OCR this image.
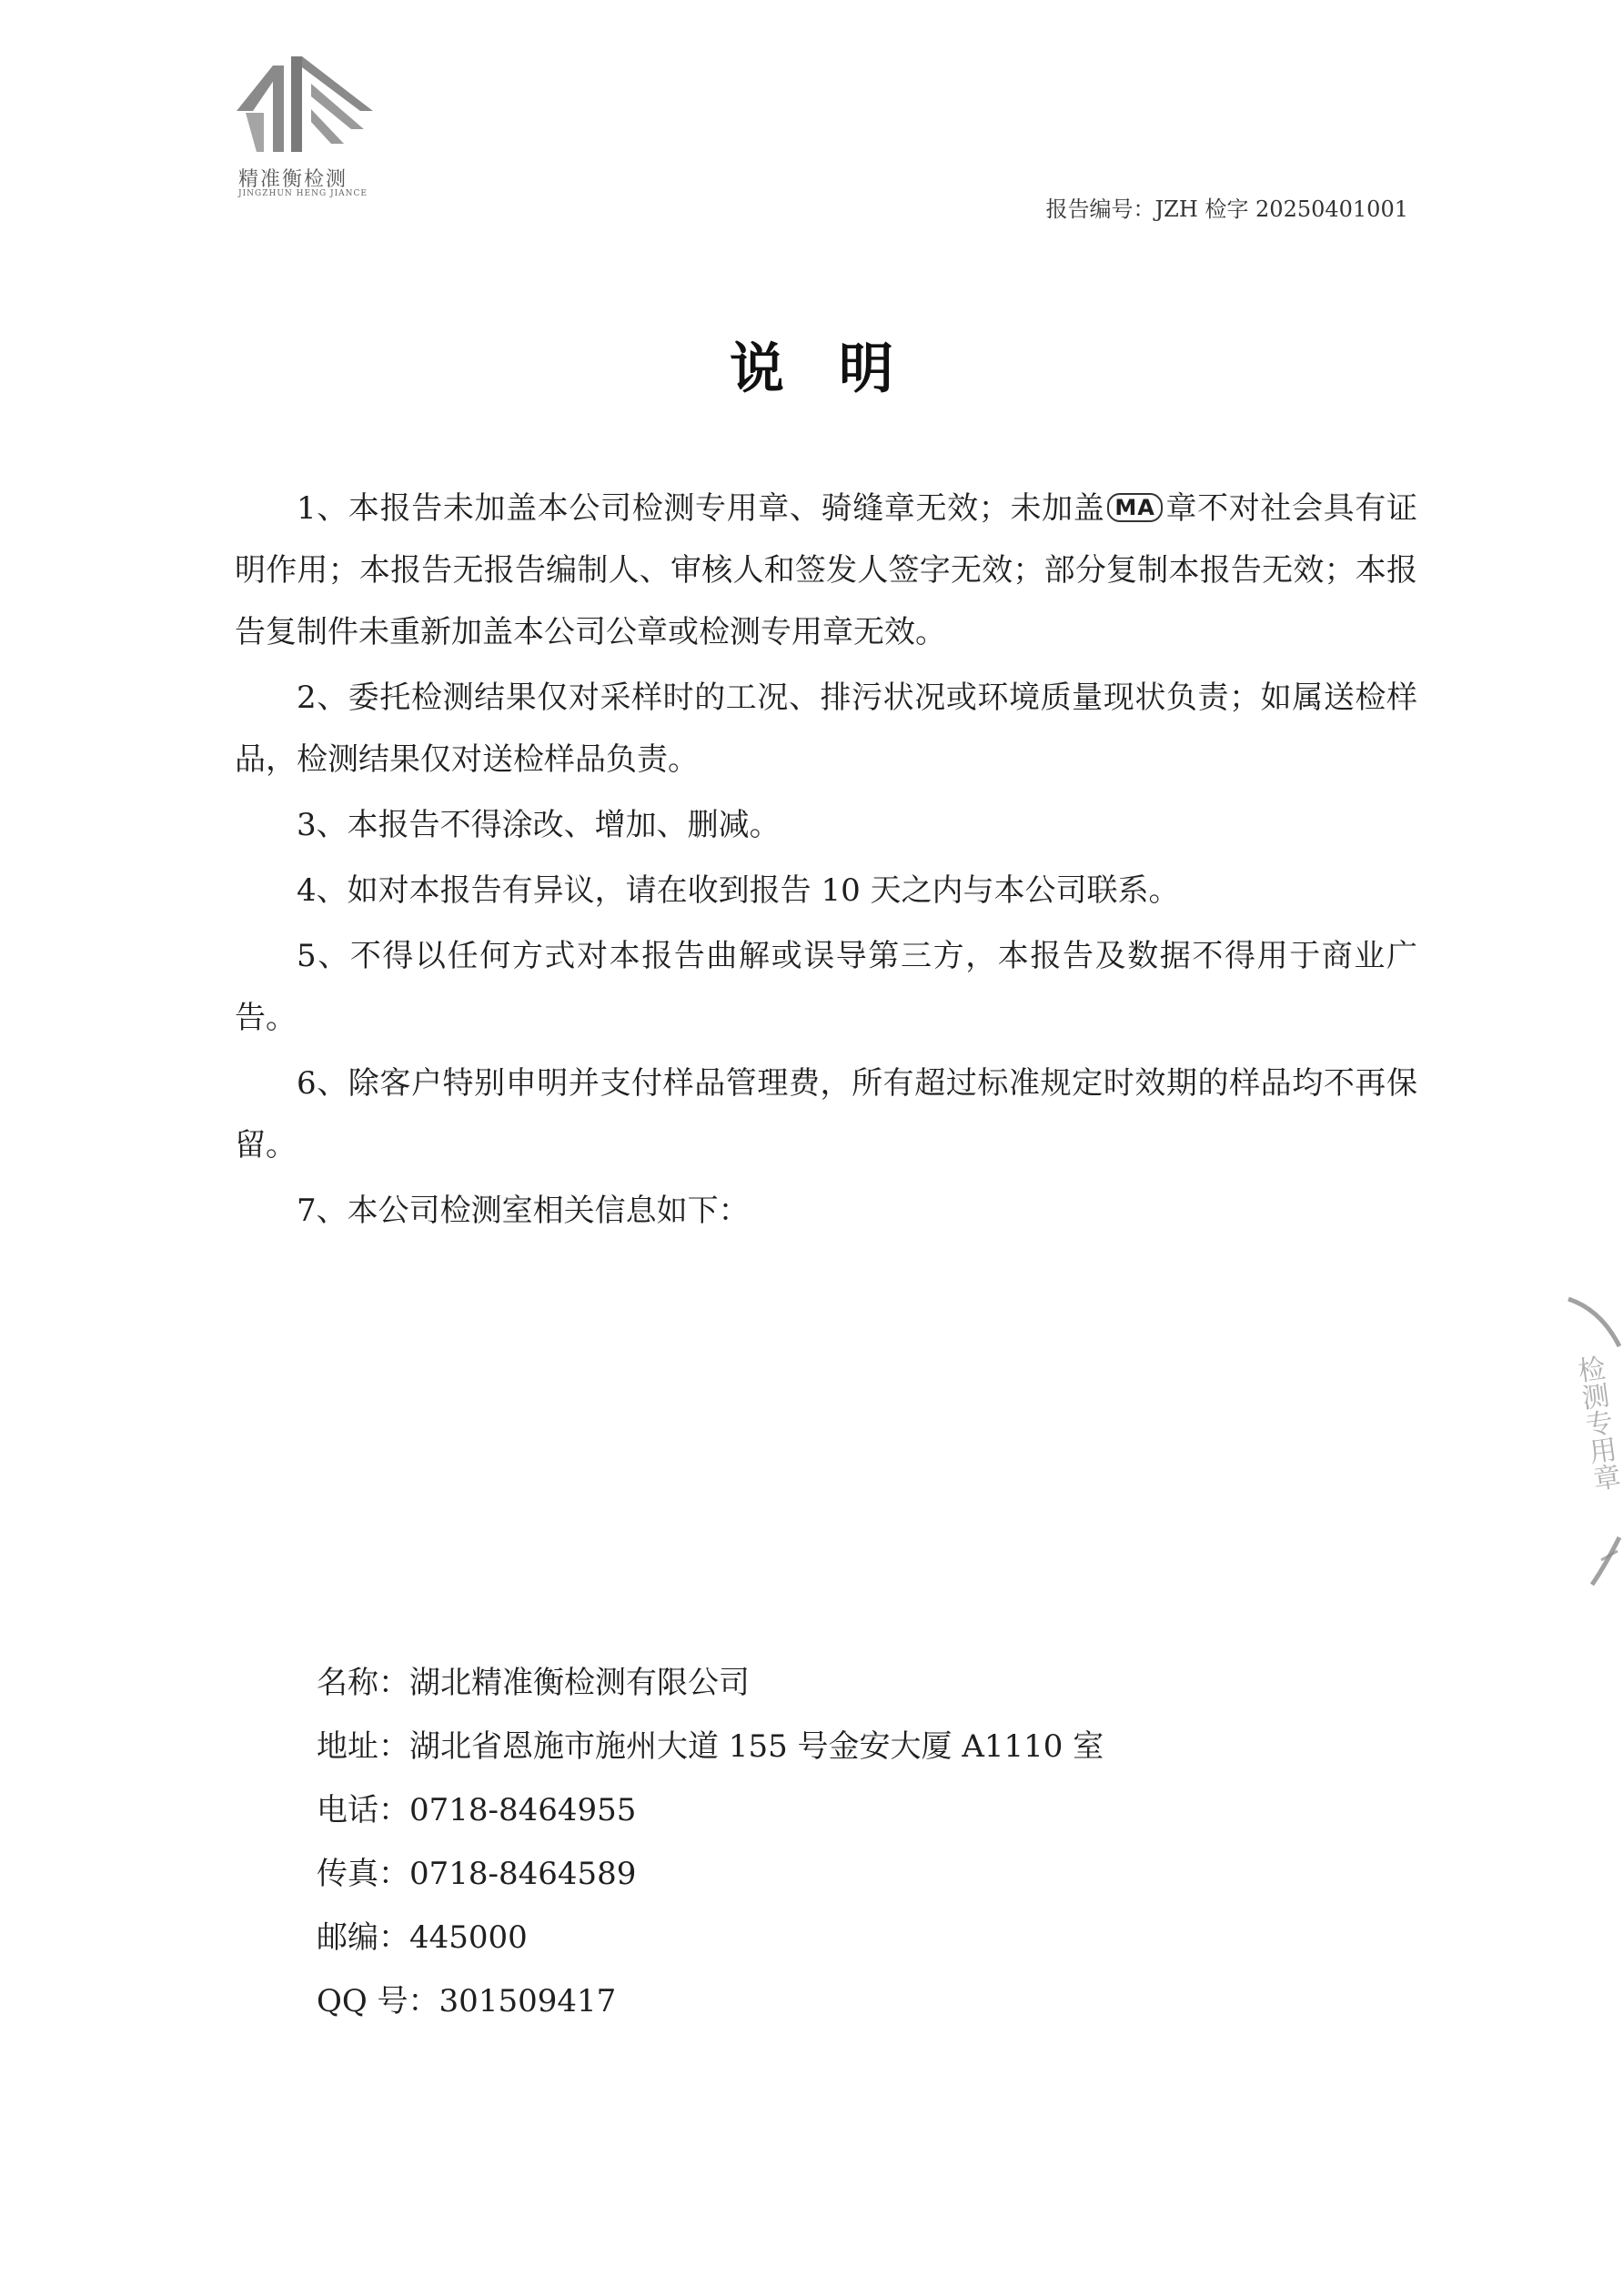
精准衡检测
JINGZHUN HENG JIANCE
报告编号：JZH 检字 20250401001
说明

1、本报告未加盖本公司检测专用章、骑缝章无效；未加盖 MA 章不对社会具有证明作用；本报告无报告编制人、审核人和签发人签字无效；部分复制本报告无效；本报告复制件未重新加盖本公司公章或检测专用章无效。

2、委托检测结果仅对采样时的工况、排污状况或环境质量现状负责；如属送检样品，检测结果仅对送检样品负责。

3、本报告不得涂改、增加、删减。

4、如对本报告有异议，请在收到报告 10 天之内与本公司联系。

5、不得以任何方式对本报告曲解或误导第三方，本报告及数据不得用于商业广告。

6、除客户特别申明并支付样品管理费，所有超过标准规定时效期的样品均不再保留。

7、本公司检测室相关信息如下：

名称：湖北精准衡检测有限公司
地址：湖北省恩施市施州大道 155 号金安大厦 A1110 室
电话：0718-8464955
传真：0718-8464589
邮编：445000
QQ 号：301509417
检测专用章
